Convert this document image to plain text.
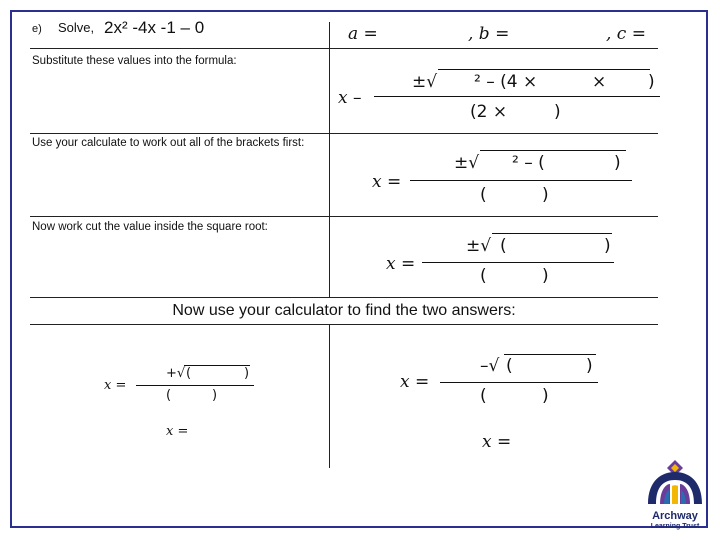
e) Solve, 2x² -4x -1 – 0	a =	, b =	, c =
Substitute these values into the formula:
x –
±√ ² – (4 ×	× )
(2 ×	)
Use your calculate to work out all of the brackets first:
x =
±√ ² – (	)
(	)
Now work cut the value inside the square root:
x =
±√ (	)
(	)
Now use your calculator to find the two answers:
x =
+√ (	)
(	)
x =
x =
–√ (	)
(	)
x =
Archway
Learning Trust
